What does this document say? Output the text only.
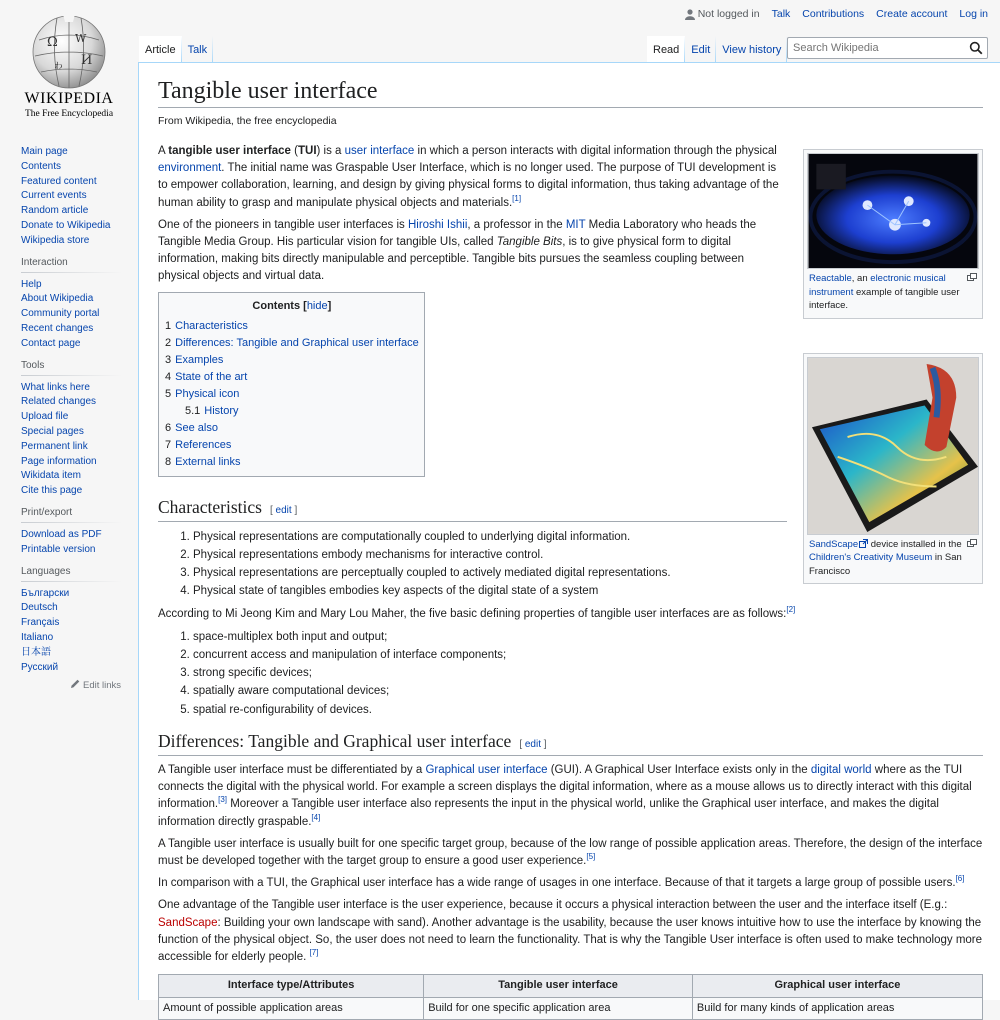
Not logged in Talk Contributions Create account Log in
Ω W
И
ゎ
WIKIPEDIA
The Free Encyclopedia
Article	Talk	Read	Edit	View history
Search Wikipedia
Main page
Contents
Featured content
Current events
Random article
Donate to Wikipedia
Wikipedia store
Interaction
Help
About Wikipedia
Community portal
Recent changes
Contact page
Tools
What links here
Related changes
Upload file
Special pages
Permanent link
Page information
Wikidata item
Cite this page
Print/export
Download as PDF
Printable version
Languages
Български
Deutsch
Français
Italiano
日本語
Русский
Edit links
Tangible user interface
From Wikipedia, the free encyclopedia
Reactable, an electronic musical instrument example of tangible user interface.

A tangible user interface (TUI) is a user interface in which a person interacts with digital information through the physical environment. The initial name was Graspable User Interface, which is no longer used. The purpose of TUI development is to empower collaboration, learning, and design by giving physical forms to digital information, thus taking advantage of the human ability to grasp and manipulate physical objects and materials.[1]

One of the pioneers in tangible user interfaces is Hiroshi Ishii, a professor in the MIT Media Laboratory who heads the Tangible Media Group. His particular vision for tangible UIs, called Tangible Bits, is to give physical form to digital information, making bits directly manipulable and perceptible. Tangible bits pursues the seamless coupling between physical objects and virtual data.

Contents [hide]
1 Characteristics
2 Differences: Tangible and Graphical user interface
3 Examples
4 State of the art
5 Physical icon
5.1 History
6 See also
7 References
8 External links
SandScape device installed in the Children's Creativity Museum in San Francisco
Characteristics [ edit ]
1. Physical representations are computationally coupled to underlying digital information.
2. Physical representations embody mechanisms for interactive control.
3. Physical representations are perceptually coupled to actively mediated digital representations.
4. Physical state of tangibles embodies key aspects of the digital state of a system

According to Mi Jeong Kim and Mary Lou Maher, the five basic defining properties of tangible user interfaces are as follows:[2]

1. space-multiplex both input and output;
2. concurrent access and manipulation of interface components;
3. strong specific devices;
4. spatially aware computational devices;
5. spatial re-configurability of devices.
Differences: Tangible and Graphical user interface [ edit ]

A Tangible user interface must be differentiated by a Graphical user interface (GUI). A Graphical User Interface exists only in the digital world where as the TUI connects the digital with the physical world. For example a screen displays the digital information, where as a mouse allows us to directly interact with this digital information.[3] Moreover a Tangible user interface also represents the input in the physical world, unlike the Graphical user interface, and makes the digital information directly graspable.[4]

A Tangible user interface is usually built for one specific target group, because of the low range of possible application areas. Therefore, the design of the interface must be developed together with the target group to ensure a good user experience.[5]

In comparison with a TUI, the Graphical user interface has a wide range of usages in one interface. Because of that it targets a large group of possible users.[6]

One advantage of the Tangible user interface is the user experience, because it occurs a physical interaction between the user and the interface itself (E.g.: SandScape: Building your own landscape with sand). Another advantage is the usability, because the user knows intuitive how to use the interface by knowing the function of the physical object. So, the user does not need to learn the functionality. That is why the Tangible User interface is often used to make technology more accessible for elderly people. [7]

Interface type/Attributes	Tangible user interface	Graphical user interface
Amount of possible application areas	Build for one specific application area	Build for many kinds of application areas
